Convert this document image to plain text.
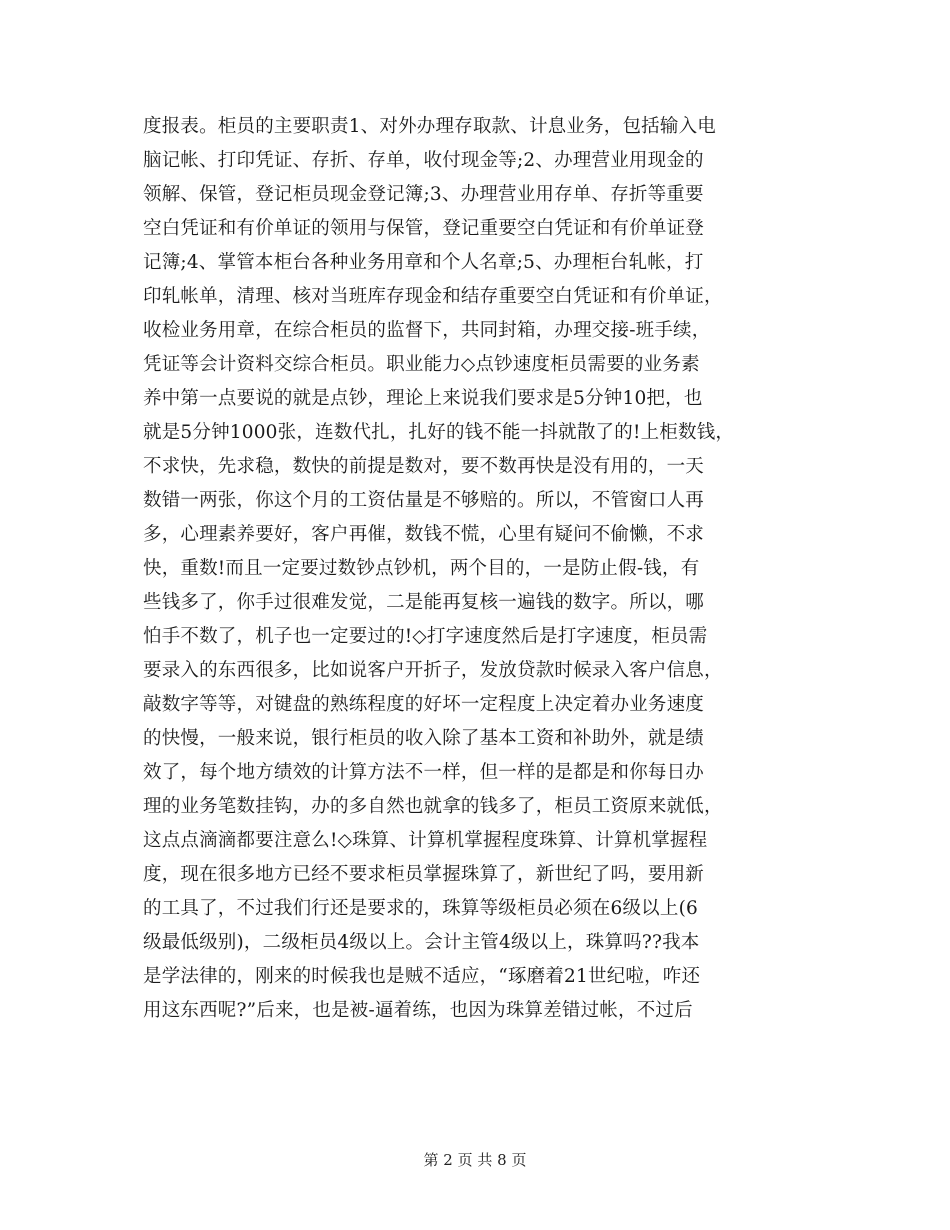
度报表。柜员的主要职责1、对外办理存取款、计息业务，包括输入电
脑记帐、打印凭证、存折、存单，收付现金等;2、办理营业用现金的
领解、保管，登记柜员现金登记簿;3、办理营业用存单、存折等重要
空白凭证和有价单证的领用与保管，登记重要空白凭证和有价单证登
记簿;4、掌管本柜台各种业务用章和个人名章;5、办理柜台轧帐，打
印轧帐单，清理、核对当班库存现金和结存重要空白凭证和有价单证，
收检业务用章，在综合柜员的监督下，共同封箱，办理交接-班手续，
凭证等会计资料交综合柜员。职业能力◇点钞速度柜员需要的业务素
养中第一点要说的就是点钞，理论上来说我们要求是5分钟10把，也
就是5分钟1000张，连数代扎，扎好的钱不能一抖就散了的!上柜数钱，
不求快，先求稳，数快的前提是数对，要不数再快是没有用的，一天
数错一两张，你这个月的工资估量是不够赔的。所以，不管窗口人再
多，心理素养要好，客户再催，数钱不慌，心里有疑问不偷懒，不求
快，重数!而且一定要过数钞点钞机，两个目的，一是防止假-钱，有
些钱多了，你手过很难发觉，二是能再复核一遍钱的数字。所以，哪
怕手不数了，机子也一定要过的!◇打字速度然后是打字速度，柜员需
要录入的东西很多，比如说客户开折子，发放贷款时候录入客户信息，
敲数字等等，对键盘的熟练程度的好坏一定程度上决定着办业务速度
的快慢，一般来说，银行柜员的收入除了基本工资和补助外，就是绩
效了，每个地方绩效的计算方法不一样，但一样的是都是和你每日办
理的业务笔数挂钩，办的多自然也就拿的钱多了，柜员工资原来就低，
这点点滴滴都要注意么!◇珠算、计算机掌握程度珠算、计算机掌握程
度，现在很多地方已经不要求柜员掌握珠算了，新世纪了吗，要用新
的工具了，不过我们行还是要求的，珠算等级柜员必须在6级以上(6
级最低级别)，二级柜员4级以上。会计主管4级以上，珠算吗??我本
是学法律的，刚来的时候我也是贼不适应，“琢磨着21世纪啦，咋还
用这东西呢?”后来，也是被-逼着练，也因为珠算差错过帐，不过后
第 2 页 共 8 页
